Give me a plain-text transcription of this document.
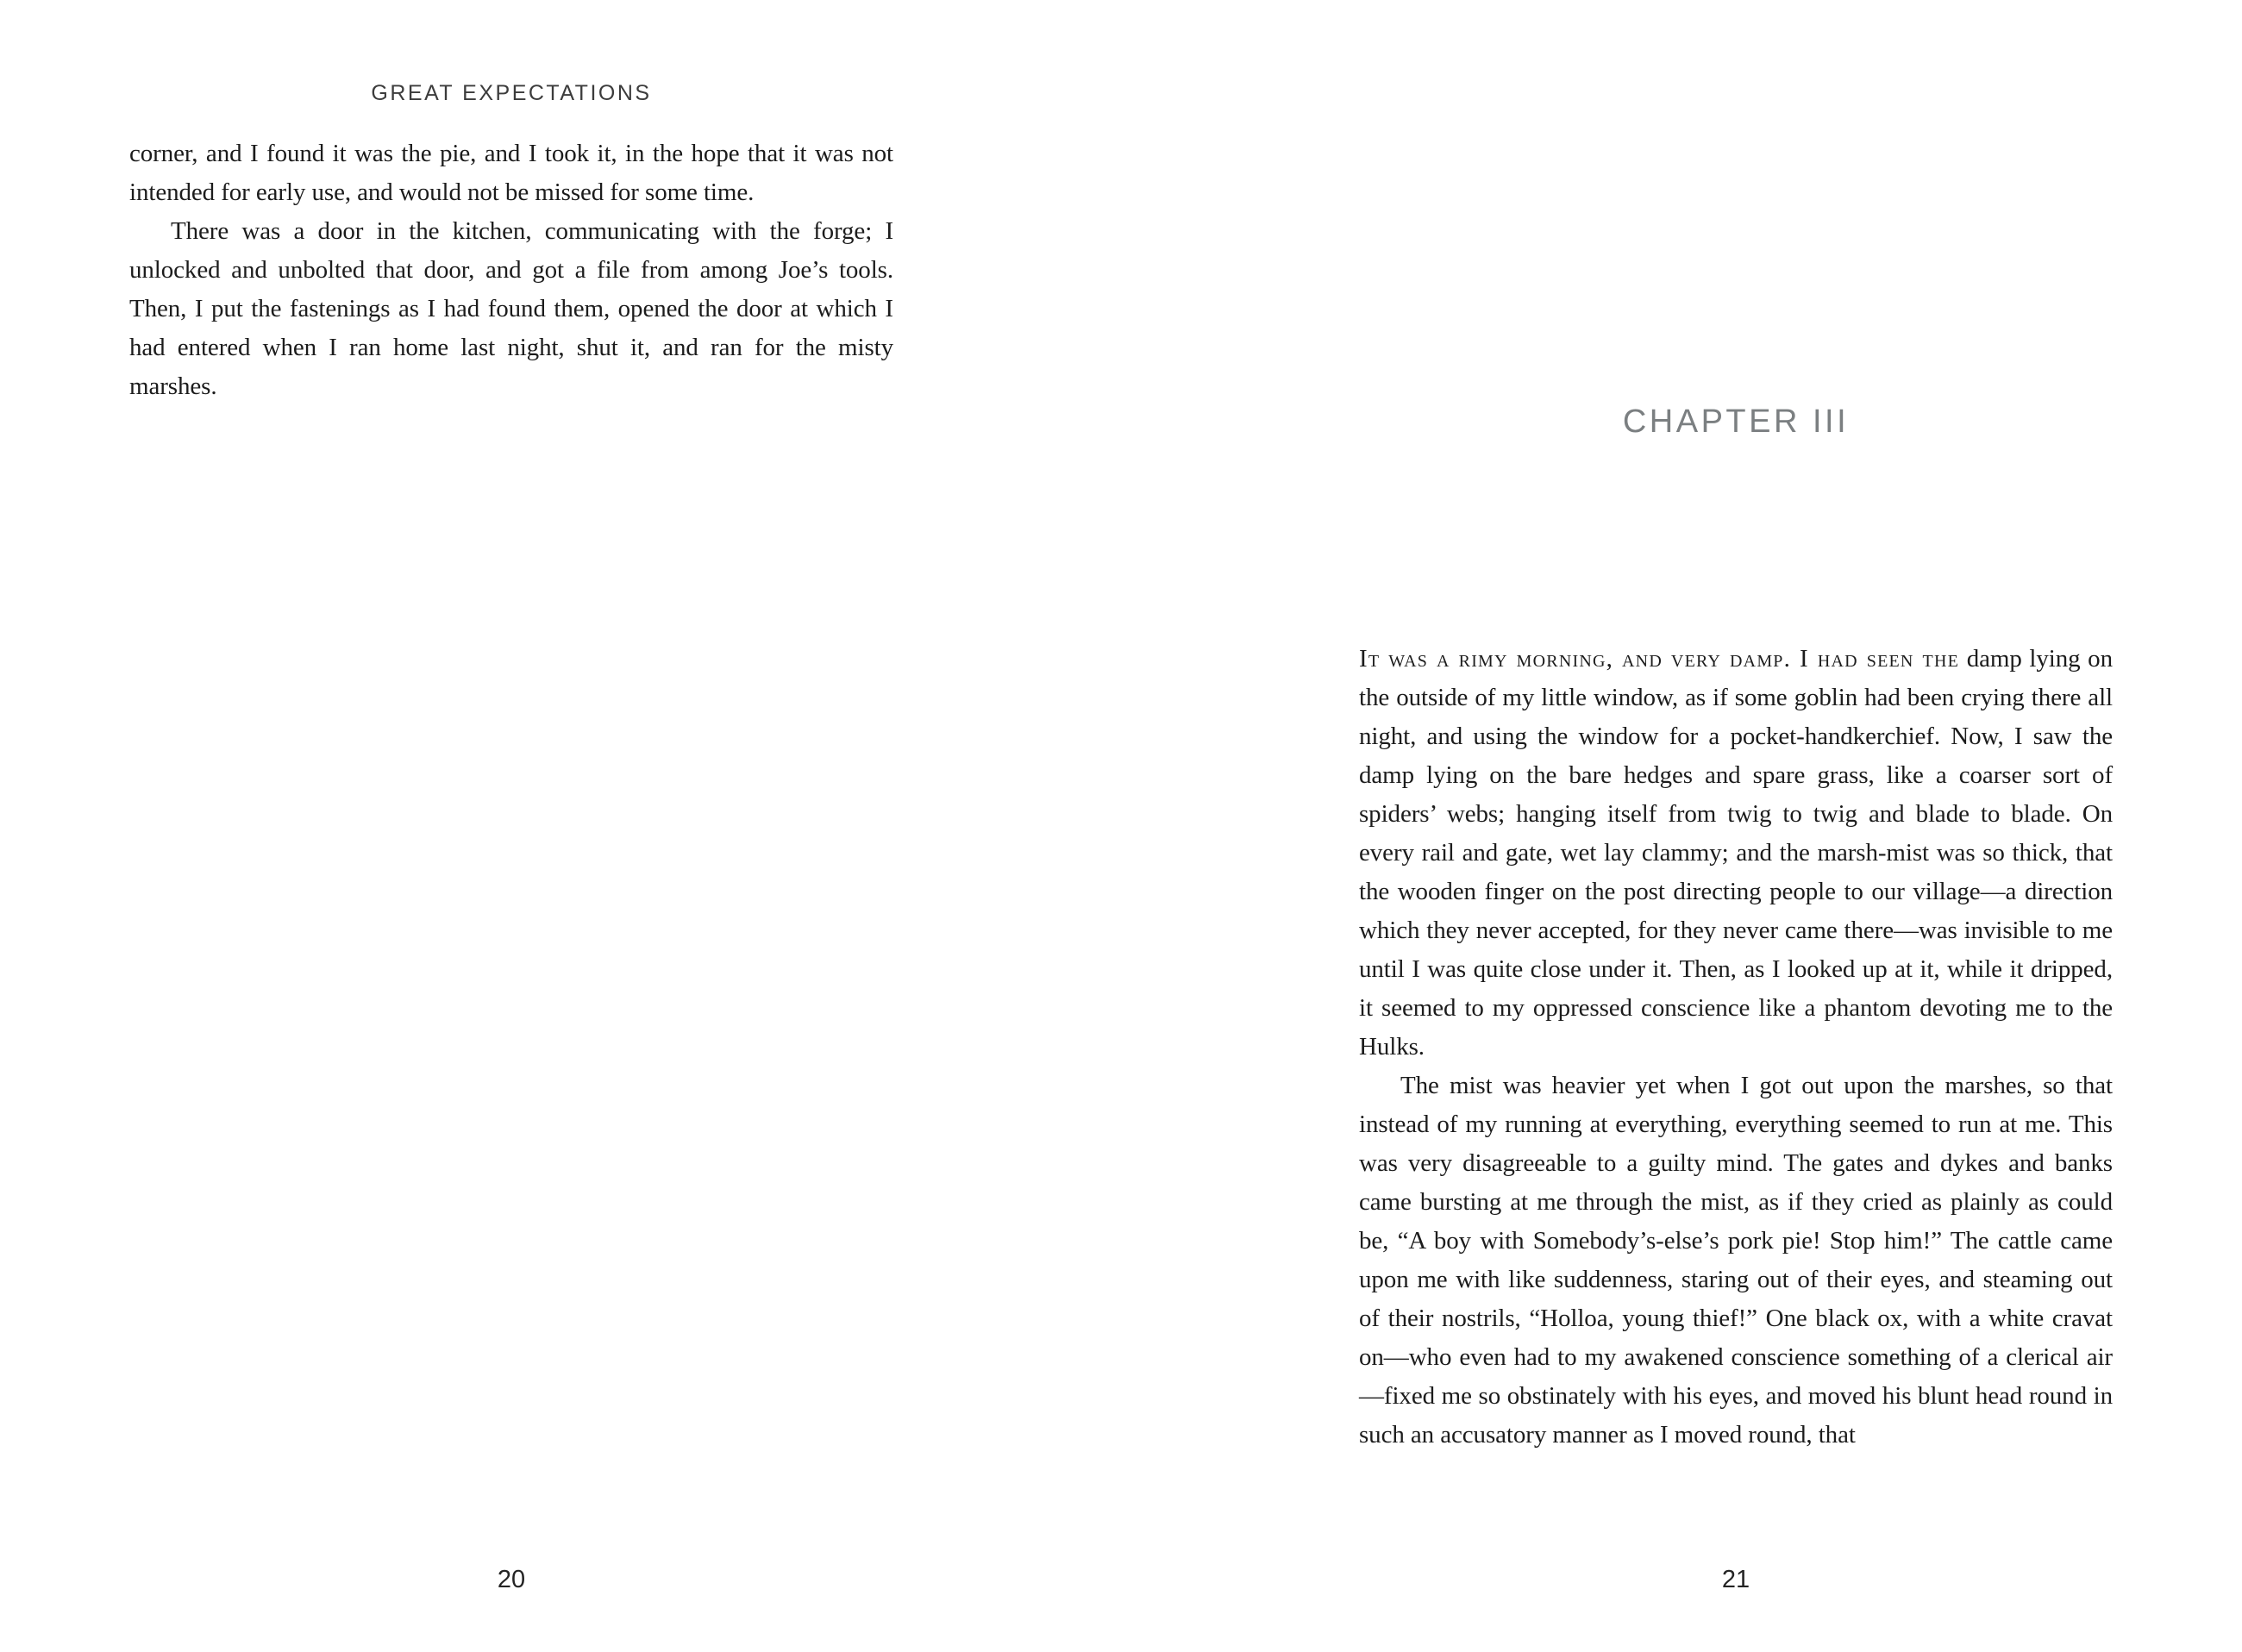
GREAT EXPECTATIONS

corner, and I found it was the pie, and I took it, in the hope that it was not intended for early use, and would not be missed for some time.

There was a door in the kitchen, communicating with the forge; I unlocked and unbolted that door, and got a file from among Joe’s tools. Then, I put the fastenings as I had found them, opened the door at which I had entered when I ran home last night, shut it, and ran for the misty marshes.

20
CHAPTER III

It was a rimy morning, and very damp. I had seen the damp lying on the outside of my little window, as if some goblin had been crying there all night, and using the window for a pocket-handkerchief. Now, I saw the damp lying on the bare hedges and spare grass, like a coarser sort of spiders’ webs; hanging itself from twig to twig and blade to blade. On every rail and gate, wet lay clammy; and the marsh-mist was so thick, that the wooden finger on the post directing people to our village—a direction which they never accepted, for they never came there—was invisible to me until I was quite close under it. Then, as I looked up at it, while it dripped, it seemed to my oppressed conscience like a phantom devoting me to the Hulks.

The mist was heavier yet when I got out upon the marshes, so that instead of my running at everything, everything seemed to run at me. This was very disagreeable to a guilty mind. The gates and dykes and banks came bursting at me through the mist, as if they cried as plainly as could be, “A boy with Somebody’s-else’s pork pie! Stop him!” The cattle came upon me with like suddenness, staring out of their eyes, and steaming out of their nostrils, “Holloa, young thief!” One black ox, with a white cravat on—who even had to my awakened conscience something of a clerical air—fixed me so obstinately with his eyes, and moved his blunt head round in such an accusatory manner as I moved round, that

21
